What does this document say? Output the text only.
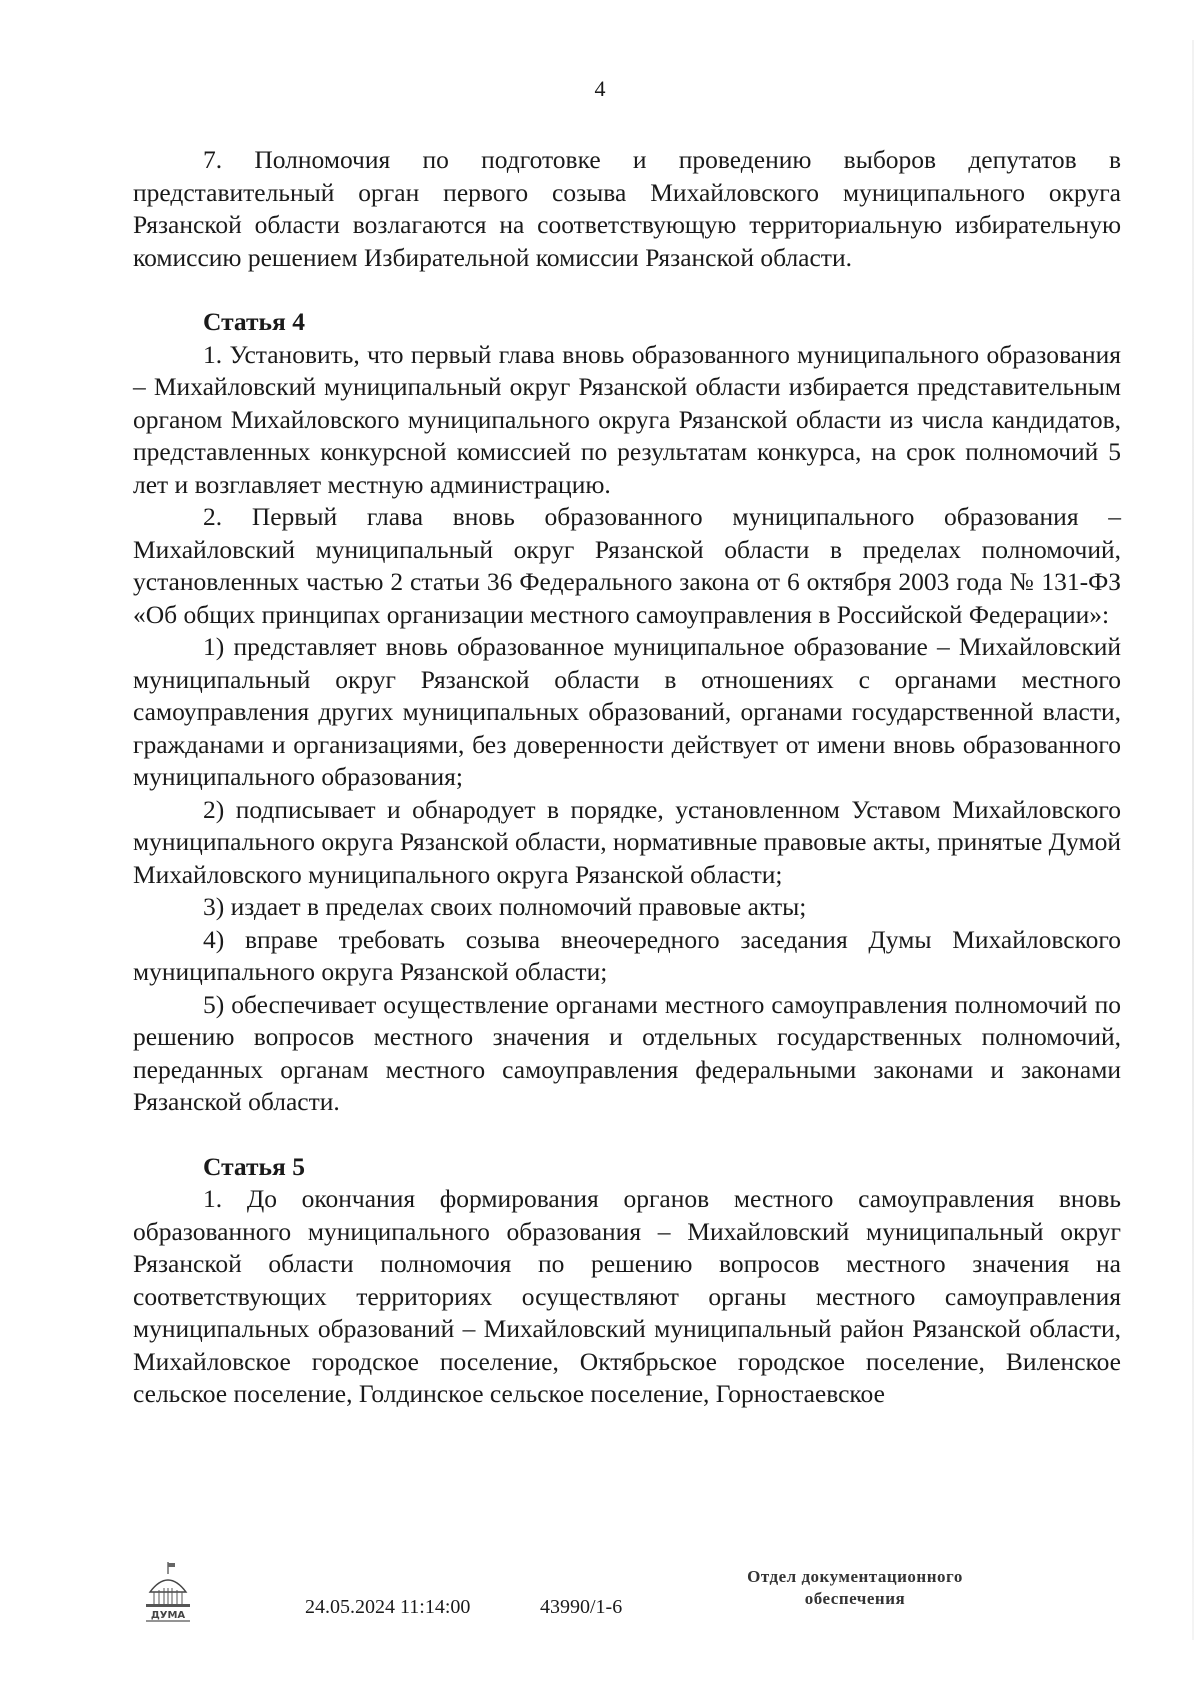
4

7. Полномочия по подготовке и проведению выборов депутатов в представительный орган первого созыва Михайловского муниципального округа Рязанской области возлагаются на соответствующую территориальную избирательную комиссию решением Избирательной комиссии Рязанской области.

Статья 4

1. Установить, что первый глава вновь образованного муниципального образования – Михайловский муниципальный округ Рязанской области избирается представительным органом Михайловского муниципального округа Рязанской области из числа кандидатов, представленных конкурсной комиссией по результатам конкурса, на срок полномочий 5 лет и возглавляет местную администрацию.

2. Первый глава вновь образованного муниципального образования – Михайловский муниципальный округ Рязанской области в пределах полномочий, установленных частью 2 статьи 36 Федерального закона от 6 октября 2003 года № 131-ФЗ «Об общих принципах организации местного самоуправления в Российской Федерации»:

1) представляет вновь образованное муниципальное образование – Михайловский муниципальный округ Рязанской области в отношениях с органами местного самоуправления других муниципальных образований, органами государственной власти, гражданами и организациями, без доверенности действует от имени вновь образованного муниципального образования;

2) подписывает и обнародует в порядке, установленном Уставом Михайловского муниципального округа Рязанской области, нормативные правовые акты, принятые Думой Михайловского муниципального округа Рязанской области;

3) издает в пределах своих полномочий правовые акты;

4) вправе требовать созыва внеочередного заседания Думы Михайловского муниципального округа Рязанской области;

5) обеспечивает осуществление органами местного самоуправления полномочий по решению вопросов местного значения и отдельных государственных полномочий, переданных органам местного самоуправления федеральными законами и законами Рязанской области.

Статья 5

1. До окончания формирования органов местного самоуправления вновь образованного муниципального образования – Михайловский муниципальный округ Рязанской области полномочия по решению вопросов местного значения на соответствующих территориях осуществляют органы местного самоуправления муниципальных образований – Михайловский муниципальный район Рязанской области, Михайловское городское поселение, Октябрьское городское поселение, Виленское сельское поселение, Голдинское сельское поселение, Горностаевское

ДУМА	24.05.2024 11:14:00	43990/1-6
Отдел документационного
обеспечения
